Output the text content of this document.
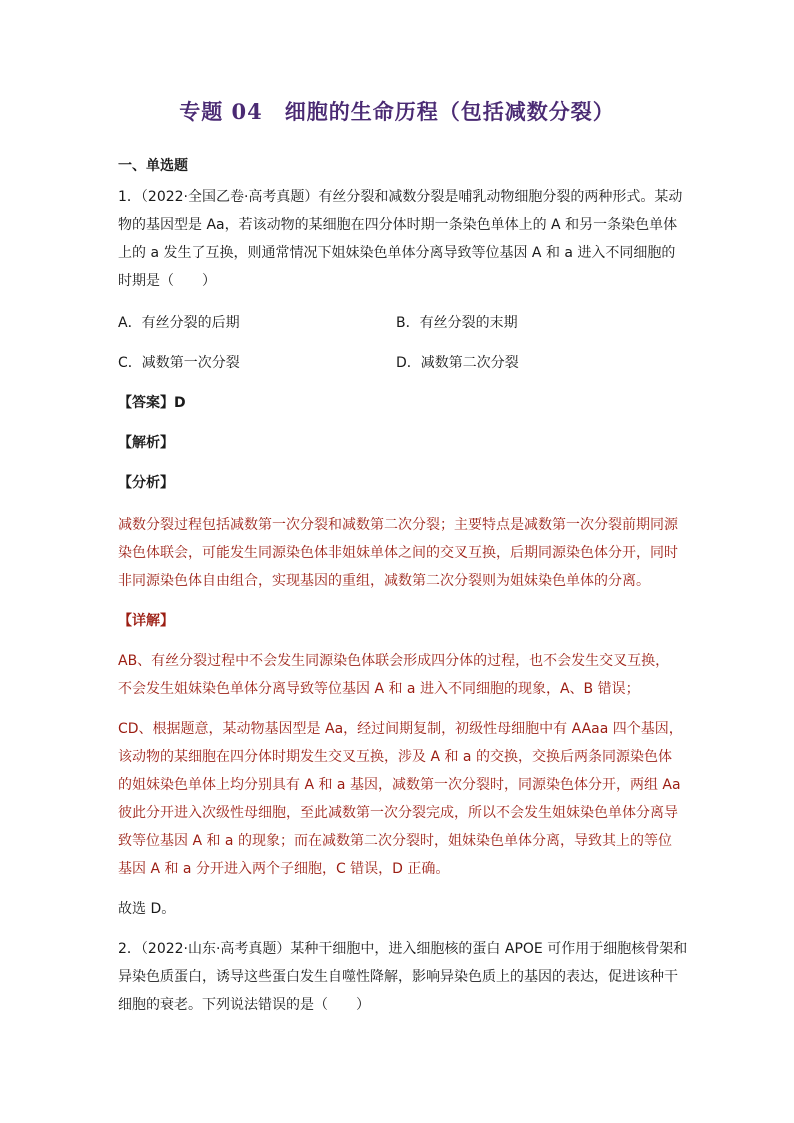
专题 04　细胞的生命历程（包括减数分裂）
一、单选题
1．（2022·全国乙卷·高考真题）有丝分裂和减数分裂是哺乳动物细胞分裂的两种形式。某动
物的基因型是 Aa，若该动物的某细胞在四分体时期一条染色单体上的 A 和另一条染色单体
上的 a 发生了互换，则通常情况下姐妹染色单体分离导致等位基因 A 和 a 进入不同细胞的
时期是（　　）
A．有丝分裂的后期	B．有丝分裂的末期
C．减数第一次分裂	D．减数第二次分裂
【答案】D
【解析】
【分析】
减数分裂过程包括减数第一次分裂和减数第二次分裂；主要特点是减数第一次分裂前期同源
染色体联会，可能发生同源染色体非姐妹单体之间的交叉互换，后期同源染色体分开，同时
非同源染色体自由组合，实现基因的重组，减数第二次分裂则为姐妹染色单体的分离。
【详解】
AB、有丝分裂过程中不会发生同源染色体联会形成四分体的过程，也不会发生交叉互换，
不会发生姐妹染色单体分离导致等位基因 A 和 a 进入不同细胞的现象，A、B 错误；
CD、根据题意，某动物基因型是 Aa，经过间期复制，初级性母细胞中有 AAaa 四个基因，
该动物的某细胞在四分体时期发生交叉互换，涉及 A 和 a 的交换，交换后两条同源染色体
的姐妹染色单体上均分别具有 A 和 a 基因，减数第一次分裂时，同源染色体分开，两组 Aa
彼此分开进入次级性母细胞，至此减数第一次分裂完成，所以不会发生姐妹染色单体分离导
致等位基因 A 和 a 的现象；而在减数第二次分裂时，姐妹染色单体分离，导致其上的等位
基因 A 和 a 分开进入两个子细胞，C 错误，D 正确。
故选 D。
2．（2022·山东·高考真题）某种干细胞中，进入细胞核的蛋白 APOE 可作用于细胞核骨架和
异染色质蛋白，诱导这些蛋白发生自噬性降解，影响异染色质上的基因的表达，促进该种干
细胞的衰老。下列说法错误的是（　　）
